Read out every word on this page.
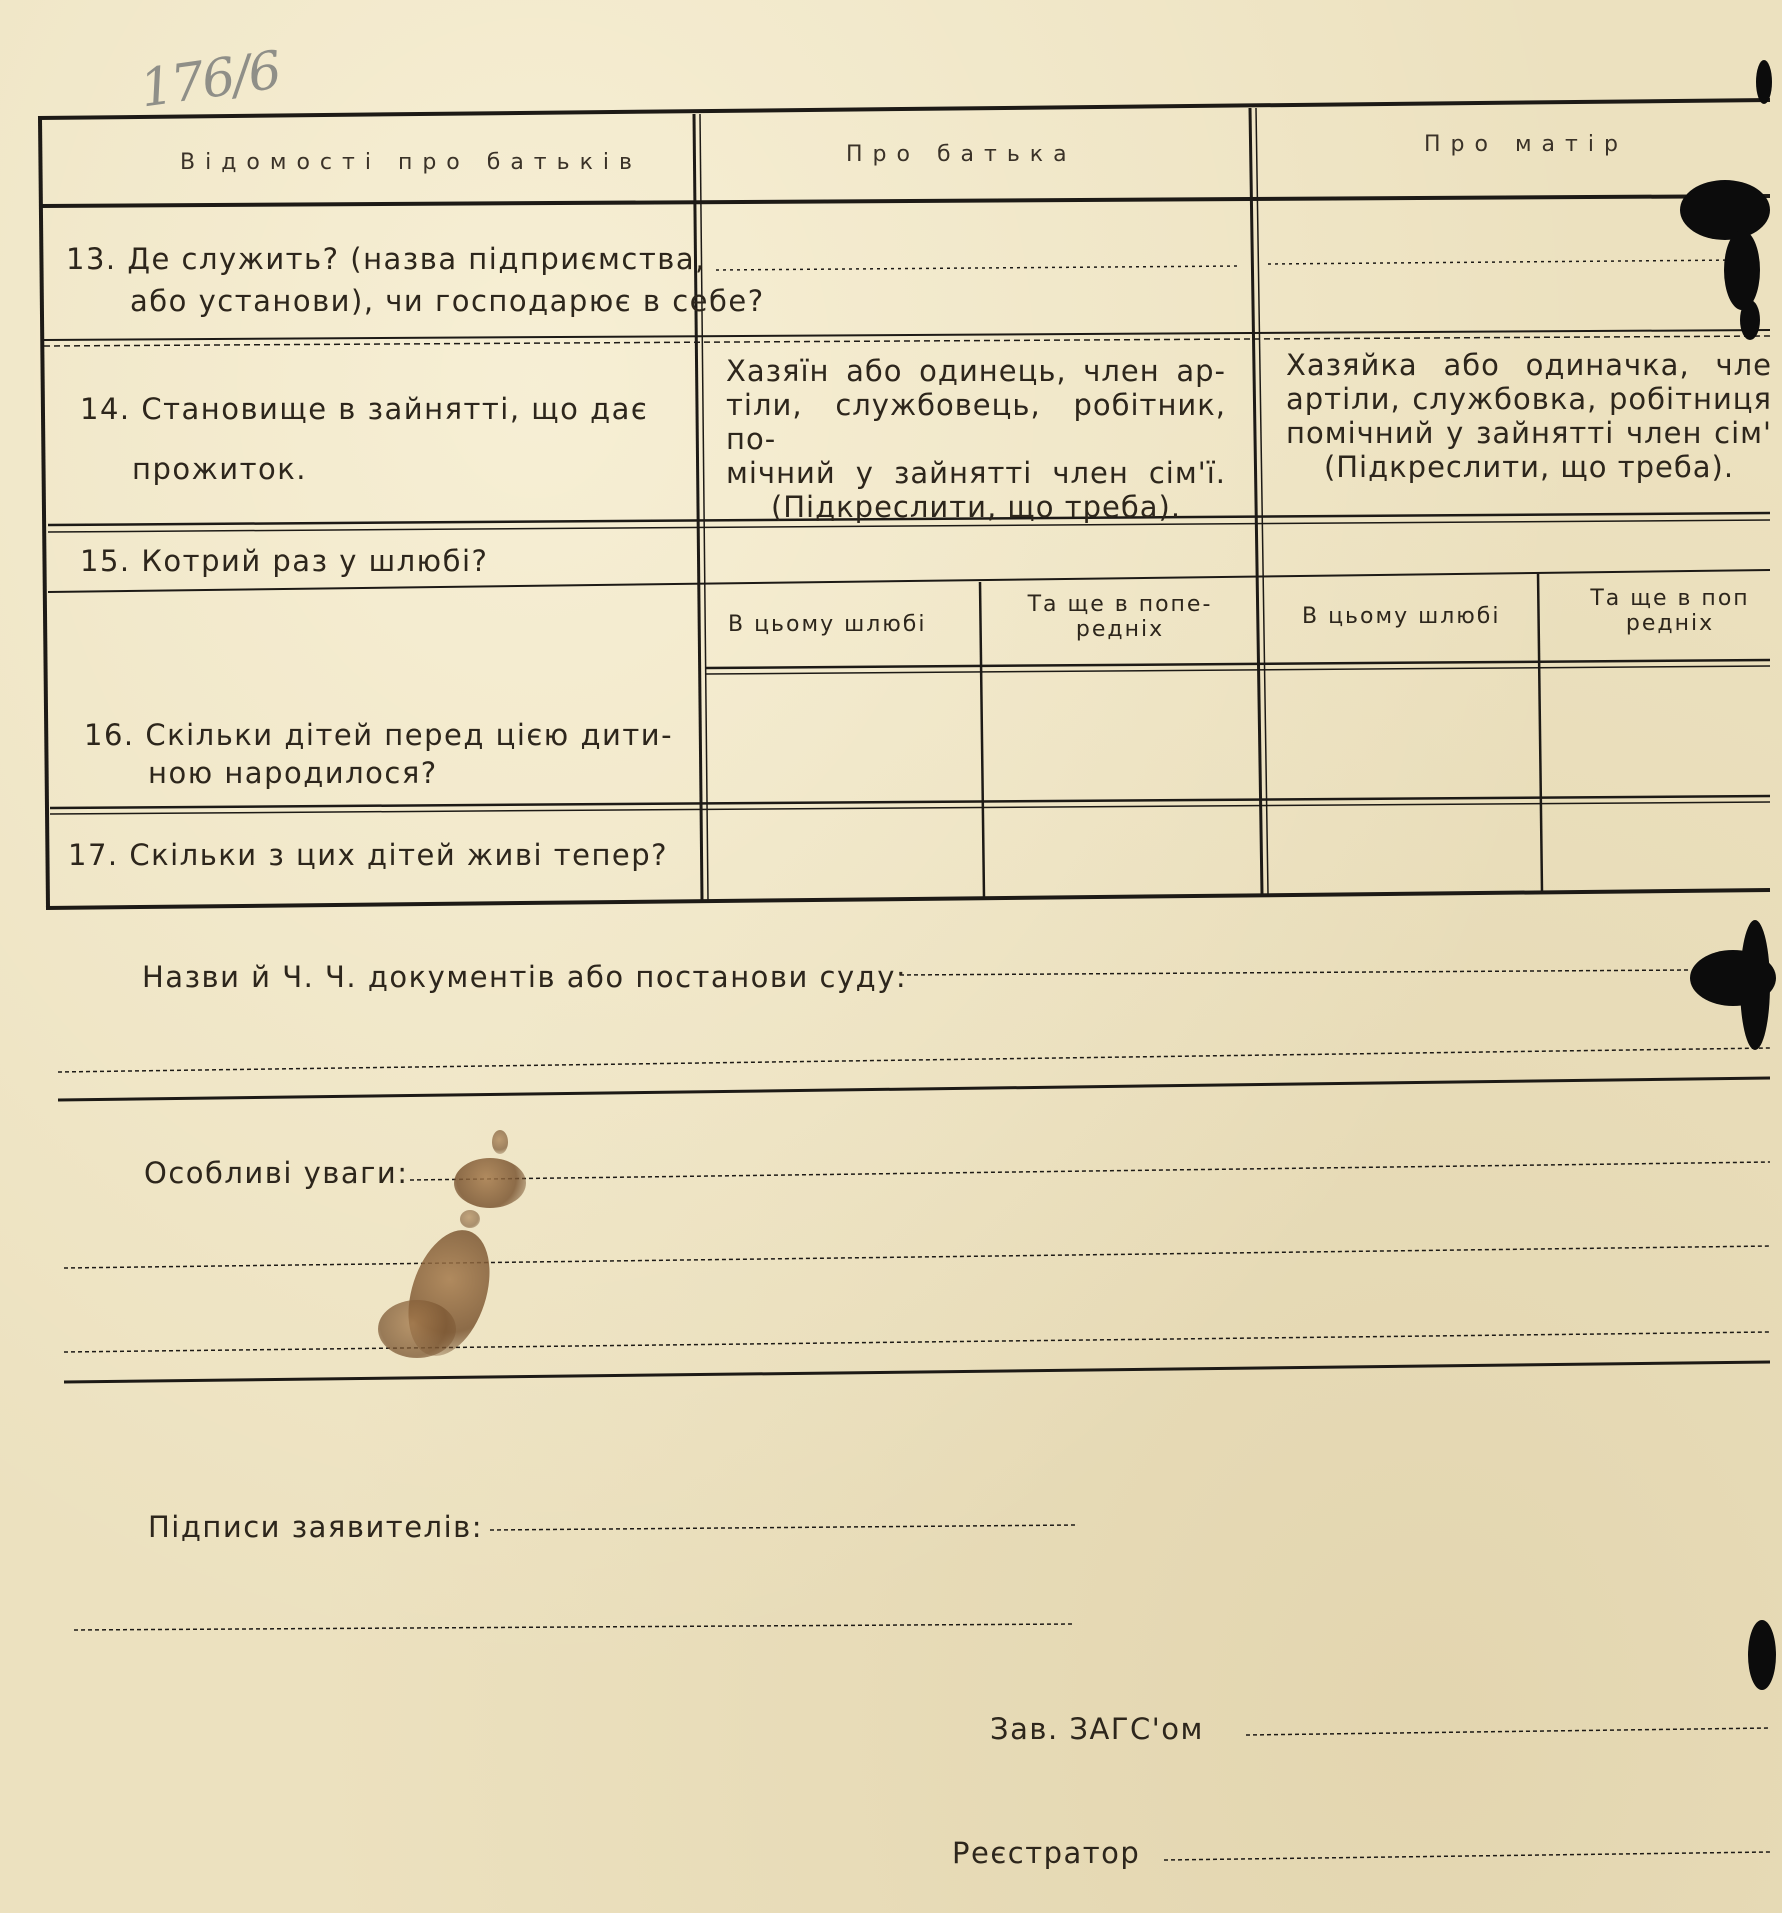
176/6
Відомості про батьків	Про батька	Про матір
13. Де служить? (назва підприємства,
або установи), чи господарює в себе?
14. Становище в зайнятті, що дає
прожиток.
Хазяїн або одинець, член ар-
тіли, службовець, робітник, по-
мічний у зайнятті член сім'ї.
(Підкреслити, що треба).
Хазяйка або одиначка, чле
артіли, службовка, робітниця
помічний у зайнятті член сім'
(Підкреслити, що треба).
15. Котрий раз у шлюбі?
В цьому шлюбі
Та ще в попе-
редніх
В цьому шлюбі
Та ще в поп
редніх
16. Скільки дітей перед цією дити-
ною народилося?
17. Скільки з цих дітей живі тепер?
Назви й Ч. Ч. документів або постанови суду:
Особливі уваги:
Підписи заявителів:
Зав. ЗАГС'ом
Реєстратор
